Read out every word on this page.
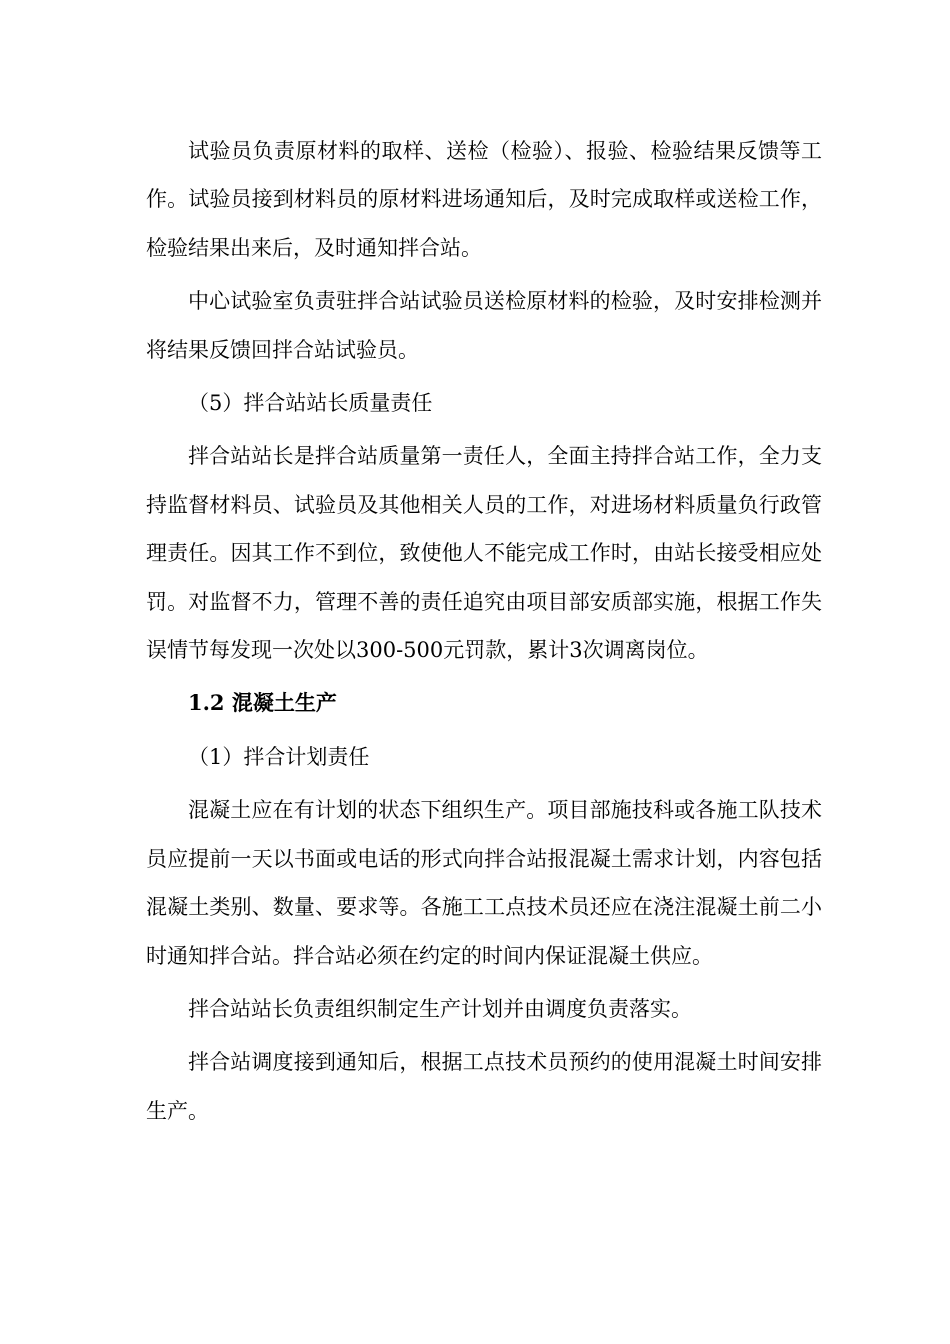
试验员负责原材料的取样、送检（检验）、报验、检验结果反馈等工作。试验员接到材料员的原材料进场通知后，及时完成取样或送检工作，检验结果出来后，及时通知拌合站。

中心试验室负责驻拌合站试验员送检原材料的检验，及时安排检测并将结果反馈回拌合站试验员。

（5）拌合站站长质量责任

拌合站站长是拌合站质量第一责任人，全面主持拌合站工作，全力支持监督材料员、试验员及其他相关人员的工作，对进场材料质量负行政管理责任。因其工作不到位，致使他人不能完成工作时，由站长接受相应处罚。对监督不力，管理不善的责任追究由项目部安质部实施，根据工作失误情节每发现一次处以300-500元罚款，累计3次调离岗位。

1.2 混凝土生产

（1）拌合计划责任

混凝土应在有计划的状态下组织生产。项目部施技科或各施工队技术员应提前一天以书面或电话的形式向拌合站报混凝土需求计划，内容包括混凝土类别、数量、要求等。各施工工点技术员还应在浇注混凝土前二小时通知拌合站。拌合站必须在约定的时间内保证混凝土供应。

拌合站站长负责组织制定生产计划并由调度负责落实。

拌合站调度接到通知后，根据工点技术员预约的使用混凝土时间安排生产。
